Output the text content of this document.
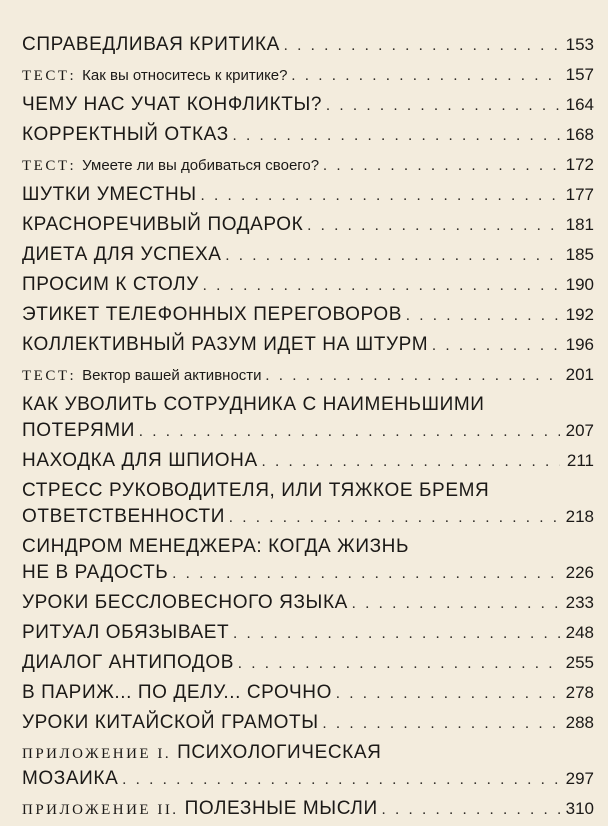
СПРАВЕДЛИВАЯ КРИТИКА . . .	153
ТЕСТ: Как вы относитесь к критике? . . .	157
ЧЕМУ НАС УЧАТ КОНФЛИКТЫ? . . .	164
КОРРЕКТНЫЙ ОТКАЗ . . .	168
ТЕСТ: Умеете ли вы добиваться своего? . . .	172
ШУТКИ УМЕСТНЫ . . .	177
КРАСНОРЕЧИВЫЙ ПОДАРОК . . .	181
ДИЕТА ДЛЯ УСПЕХА . . .	185
ПРОСИМ К СТОЛУ . . .	190
ЭТИКЕТ ТЕЛЕФОННЫХ ПЕРЕГОВОРОВ . . .	192
КОЛЛЕКТИВНЫЙ РАЗУМ ИДЕТ НА ШТУРМ . . .	196
ТЕСТ: Вектор вашей активности . . .	201
КАК УВОЛИТЬ СОТРУДНИКА С НАИМЕНЬШИМИ
ПОТЕРЯМИ . . .	207
НАХОДКА ДЛЯ ШПИОНА . . .	211
СТРЕСС РУКОВОДИТЕЛЯ, ИЛИ ТЯЖКОЕ БРЕМЯ
ОТВЕТСТВЕННОСТИ . . .	218
СИНДРОМ МЕНЕДЖЕРА: КОГДА ЖИЗНЬ
НЕ В РАДОСТЬ . . .	226
УРОКИ БЕССЛОВЕСНОГО ЯЗЫКА . . .	233
РИТУАЛ ОБЯЗЫВАЕТ . . .	248
ДИАЛОГ АНТИПОДОВ . . .	255
В ПАРИЖ... ПО ДЕЛУ... СРОЧНО . . .	278
УРОКИ КИТАЙСКОЙ ГРАМОТЫ . . .	288
ПРИЛОЖЕНИЕ I. ПСИХОЛОГИЧЕСКАЯ
МОЗАИКА . . .	297
ПРИЛОЖЕНИЕ II. ПОЛЕЗНЫЕ МЫСЛИ . . .	310
